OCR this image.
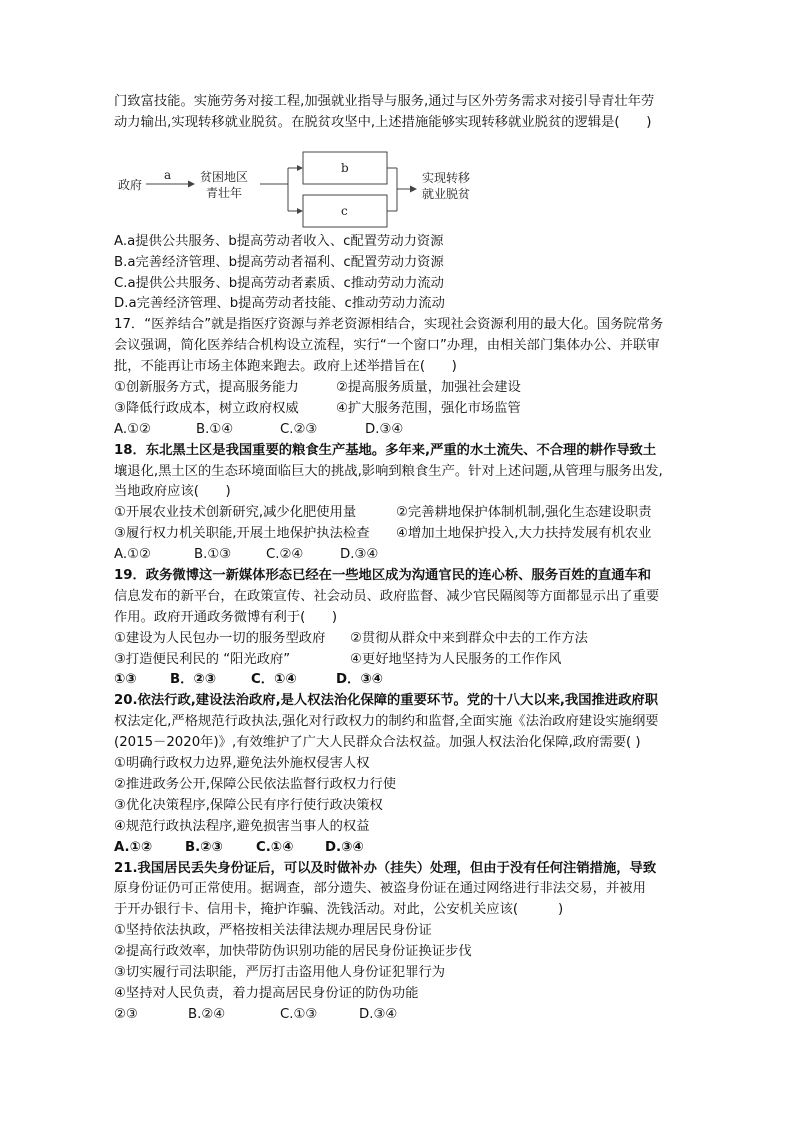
门致富技能。实施劳务对接工程,加强就业指导与服务,通过与区外劳务需求对接引导青壮年劳
动力输出,实现转移就业脱贫。在脱贫攻坚中,上述措施能够实现转移就业脱贫的逻辑是(　　)
政府
a 贫困地区
青壮年
b
c
实现转移
就业脱贫
A.a提供公共服务、b提高劳动者收入、c配置劳动力资源
B.a完善经济管理、b提高劳动者福利、c配置劳动力资源
C.a提供公共服务、b提高劳动者素质、c推动劳动力流动
D.a完善经济管理、b提高劳动者技能、c推动劳动力流动
17．“医养结合”就是指医疗资源与养老资源相结合，实现社会资源利用的最大化。国务院常务
会议强调，简化医养结合机构设立流程，实行“一个窗口”办理，由相关部门集体办公、并联审
批，不能再让市场主体跑来跑去。政府上述举措旨在(　　)
①创新服务方式，提高服务能力	②提高服务质量，加强社会建设
③降低行政成本，树立政府权威	④扩大服务范围，强化市场监管
A.①②	B.①④	C.②③	D.③④
18．东北黑土区是我国重要的粮食生产基地。多年来,严重的水土流失、不合理的耕作导致土
壤退化,黑土区的生态环境面临巨大的挑战,影响到粮食生产。针对上述问题,从管理与服务出发,
当地政府应该(　　)
①开展农业技术创新研究,减少化肥使用量	②完善耕地保护体制机制,强化生态建设职责
③履行权力机关职能,开展土地保护执法检查 ④增加土地保护投入,大力扶持发展有机农业
A.①②	B.①③	C.②④	D.③④
19．政务微博这一新媒体形态已经在一些地区成为沟通官民的连心桥、服务百姓的直通车和
信息发布的新平台，在政策宣传、社会动员、政府监督、减少官民隔阂等方面都显示出了重要
作用。政府开通政务微博有利于(　　)
①建设为人民包办一切的服务型政府 ②贯彻从群众中来到群众中去的工作方法
③打造便民利民的 “阳光政府”	④更好地坚持为人民服务的工作作风
①③	B．②③	C．①④	D．③④
20.依法行政,建设法治政府,是人权法治化保障的重要环节。党的十八大以来,我国推进政府职
权法定化,严格规范行政执法,强化对行政权力的制约和监督,全面实施《法治政府建设实施纲要
(2015－2020年)》,有效维护了广大人民群众合法权益。加强人权法治化保障,政府需要( )
①明确行政权力边界,避免法外施权侵害人权
②推进政务公开,保障公民依法监督行政权力行使
③优化决策程序,保障公民有序行使行政决策权
④规范行政执法程序,避免损害当事人的权益
A.①② B.②③	C.①④ D.③④
21.我国居民丢失身份证后，可以及时做补办（挂失）处理，但由于没有任何注销措施，导致
原身份证仍可正常使用。据调查，部分遗失、被盗身份证在通过网络进行非法交易，并被用
于开办银行卡、信用卡，掩护诈骗、洗钱活动。对此，公安机关应该(　　　)
①坚持依法执政，严格按相关法律法规办理居民身份证
②提高行政效率，加快带防伪识别功能的居民身份证换证步伐
③切实履行司法职能，严厉打击盗用他人身份证犯罪行为
④坚持对人民负责，着力提高居民身份证的防伪功能
②③	B.②④	C.①③	D.③④
